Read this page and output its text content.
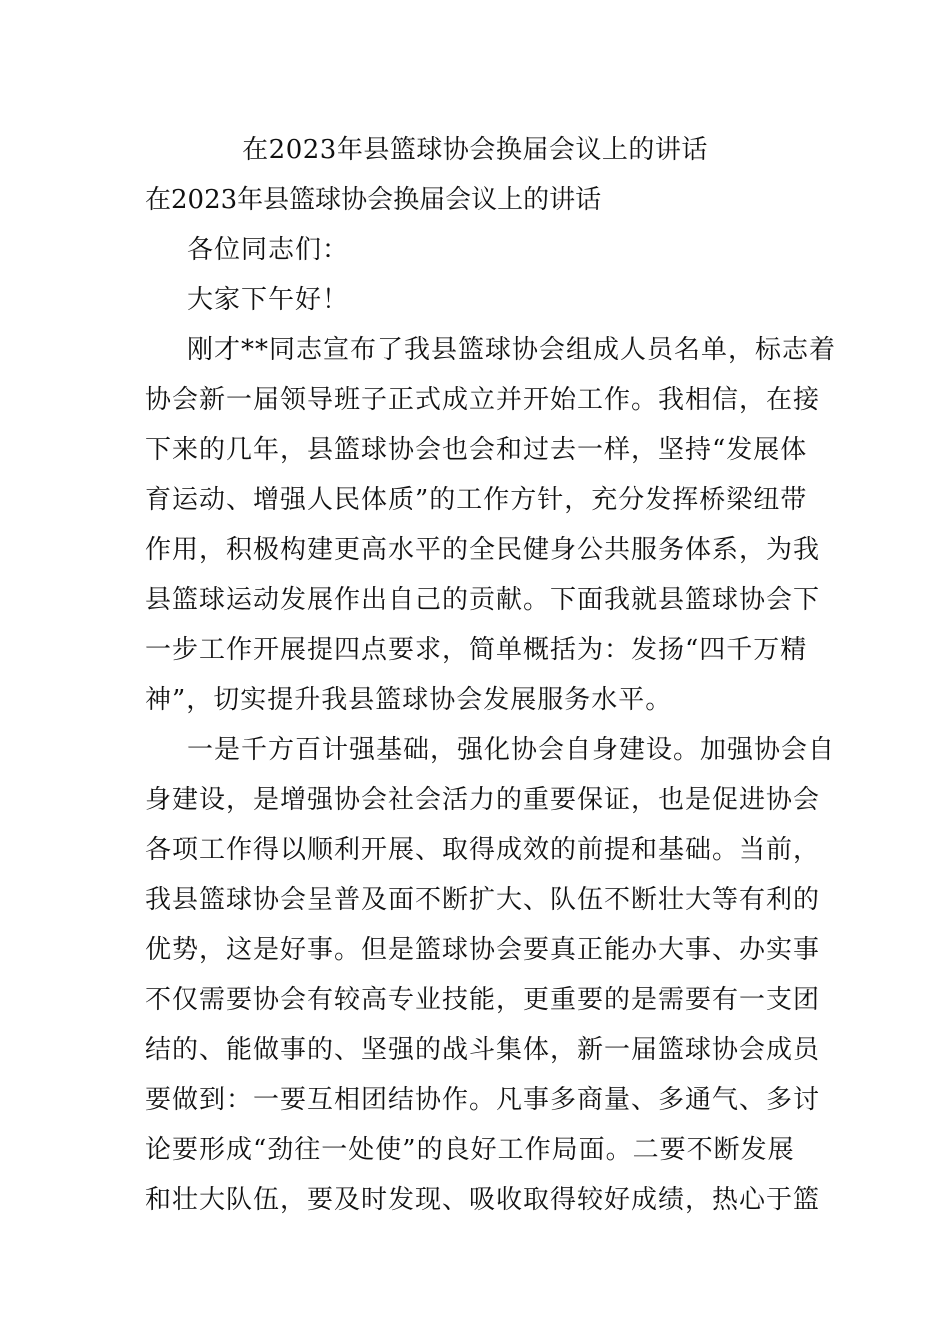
在2023年县篮球协会换届会议上的讲话
在2023年县篮球协会换届会议上的讲话
各位同志们：
大家下午好！
刚才**同志宣布了我县篮球协会组成人员名单，标志着
协会新一届领导班子正式成立并开始工作。我相信，在接
下来的几年，县篮球协会也会和过去一样，坚持“发展体
育运动、增强人民体质”的工作方针，充分发挥桥梁纽带
作用，积极构建更高水平的全民健身公共服务体系，为我
县篮球运动发展作出自己的贡献。下面我就县篮球协会下
一步工作开展提四点要求，简单概括为：发扬“四千万精
神”，切实提升我县篮球协会发展服务水平。
一是千方百计强基础，强化协会自身建设。加强协会自
身建设，是增强协会社会活力的重要保证，也是促进协会
各项工作得以顺利开展、取得成效的前提和基础。当前，
我县篮球协会呈普及面不断扩大、队伍不断壮大等有利的
优势，这是好事。但是篮球协会要真正能办大事、办实事
不仅需要协会有较高专业技能，更重要的是需要有一支团
结的、能做事的、坚强的战斗集体，新一届篮球协会成员
要做到：一要互相团结协作。凡事多商量、多通气、多讨
论要形成“劲往一处使”的良好工作局面。二要不断发展
和壮大队伍，要及时发现、吸收取得较好成绩，热心于篮
